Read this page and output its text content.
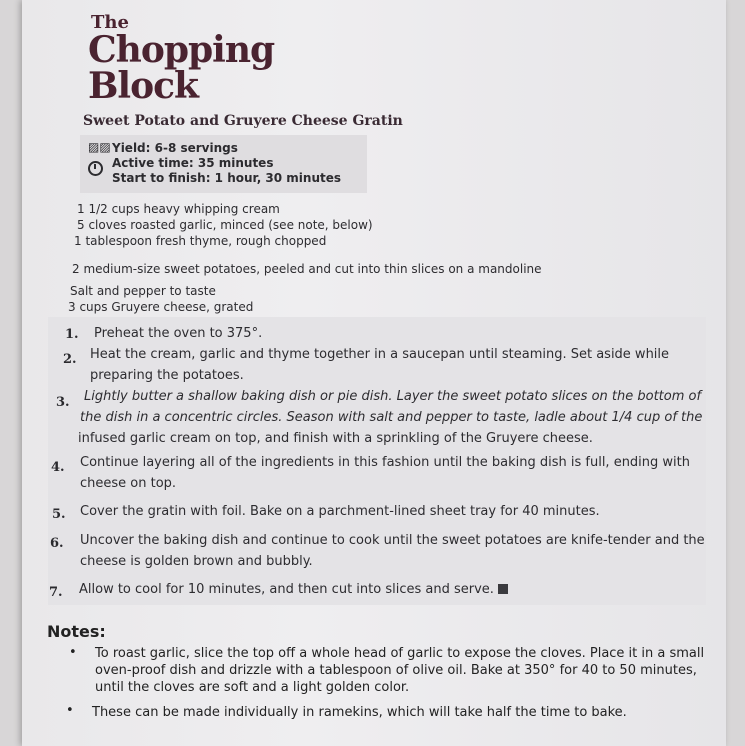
The
Chopping
Block
Sweet Potato and Gruyere Cheese Gratin
▨▨ Yield: 6-8 servings
Active time: 35 minutes
Start to finish: 1 hour, 30 minutes
1 1/2 cups heavy whipping cream
5 cloves roasted garlic, minced (see note, below)
1 tablespoon fresh thyme, rough chopped
2 medium-size sweet potatoes, peeled and cut into thin slices on a mandoline
Salt and pepper to taste
3 cups Gruyere cheese, grated
1. Preheat the oven to 375°.
2. Heat the cream, garlic and thyme together in a saucepan until steaming. Set aside while
preparing the potatoes.
3. Lightly butter a shallow baking dish or pie dish. Layer the sweet potato slices on the bottom of
the dish in a concentric circles. Season with salt and pepper to taste, ladle about 1/4 cup of the
infused garlic cream on top, and finish with a sprinkling of the Gruyere cheese.
4. Continue layering all of the ingredients in this fashion until the baking dish is full, ending with
cheese on top.
5. Cover the gratin with foil. Bake on a parchment-lined sheet tray for 40 minutes.
6. Uncover the baking dish and continue to cook until the sweet potatoes are knife-tender and the
cheese is golden brown and bubbly.
7. Allow to cool for 10 minutes, and then cut into slices and serve.
Notes:
• To roast garlic, slice the top off a whole head of garlic to expose the cloves. Place it in a small
oven-proof dish and drizzle with a tablespoon of olive oil. Bake at 350° for 40 to 50 minutes,
until the cloves are soft and a light golden color.
• These can be made individually in ramekins, which will take half the time to bake.
